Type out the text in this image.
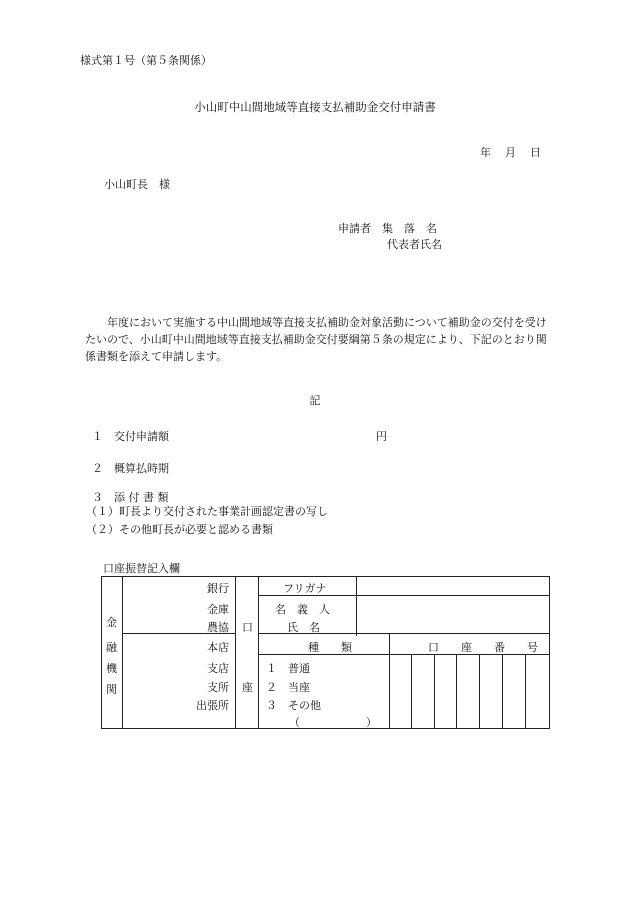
様式第１号（第５条関係）
小山町中山間地域等直接支払補助金交付申請書
年 月 日
小山町長　様
申請者　集　落　名
代表者氏名
年度において実施する中山間地域等直接支払補助金対象活動について補助金の交付を受けたいので、小山町中山間地域等直接支払補助金交付要綱第５条の規定により、下記のとおり関係書類を添えて申請します。
記
１　交付申請額	円
２　概算払時期
３　添 付 書 類
（１）町長より交付された事業計画認定書の写し
（２）その他町長が必要と認める書類
口座振替記入欄
金
融
機
関
銀行
金庫
農協
本店
支店
支所
出張所
口
座
フリガナ
名　義　人
氏　名
種　　類	口　　座　　番　　号
１　普通
２　当座
３　その他
（　　　　　　）
